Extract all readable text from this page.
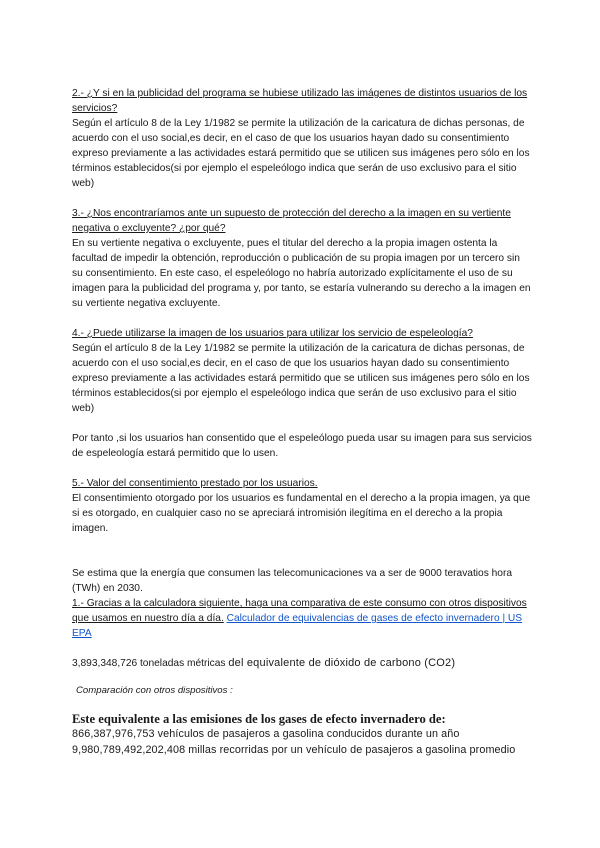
2.- ¿Y si en la publicidad del programa se hubiese utilizado las imágenes de distintos usuarios de los servicios?

Según el artículo 8 de la Ley 1/1982 se permite la utilización de la caricatura de dichas personas, de acuerdo con el uso social,es decir, en el caso de que los usuarios hayan dado su consentimiento expreso previamente a las actividades estará permitido que se utilicen sus imágenes pero sólo en los términos establecidos(si por ejemplo el espeleólogo indica que serán de uso exclusivo para el sitio web)

3.- ¿Nos encontraríamos ante un supuesto de protección del derecho a la imagen en su vertiente negativa o excluyente? ¿por qué?

En su vertiente negativa o excluyente, pues el titular del derecho a la propia imagen ostenta la facultad de impedir la obtención, reproducción o publicación de su propia imagen por un tercero sin su consentimiento. En este caso, el espeleólogo no habría autorizado explícitamente el uso de su imagen para la publicidad del programa y, por tanto, se estaría vulnerando su derecho a la imagen en su vertiente negativa excluyente.

4.- ¿Puede utilizarse la imagen de los usuarios para utilizar los servicio de espeleología?

Según el artículo 8 de la Ley 1/1982 se permite la utilización de la caricatura de dichas personas, de acuerdo con el uso social,es decir, en el caso de que los usuarios hayan dado su consentimiento expreso previamente a las actividades estará permitido que se utilicen sus imágenes pero sólo en los términos establecidos(si por ejemplo el espeleólogo indica que serán de uso exclusivo para el sitio web)

Por tanto ,si los usuarios han consentido que el espeleólogo pueda usar su imagen para sus servicios de espeleología estará permitido que lo usen.

5.- Valor del consentimiento prestado por los usuarios.

El consentimiento otorgado por los usuarios es fundamental en el derecho a la propia imagen, ya que si es otorgado, en cualquier caso no se apreciará intromisión ilegítima en el derecho a la propia imagen.

Se estima que la energía que consumen las telecomunicaciones va a ser de 9000 teravatios hora (TWh) en 2030.

1.- Gracias a la calculadora siguiente, haga una comparativa de este consumo con otros dispositivos que usamos en nuestro día a día. Calculador de equivalencias de gases de efecto invernadero | US EPA

3,893,348,726 toneladas métricas del equivalente de dióxido de carbono (CO2)

Comparación con otros dispositivos :

Este equivalente a las emisiones de los gases de efecto invernadero de:

866,387,976,753 vehículos de pasajeros a gasolina conducidos durante un año

9,980,789,492,202,408 millas recorridas por un vehículo de pasajeros a gasolina promedio
